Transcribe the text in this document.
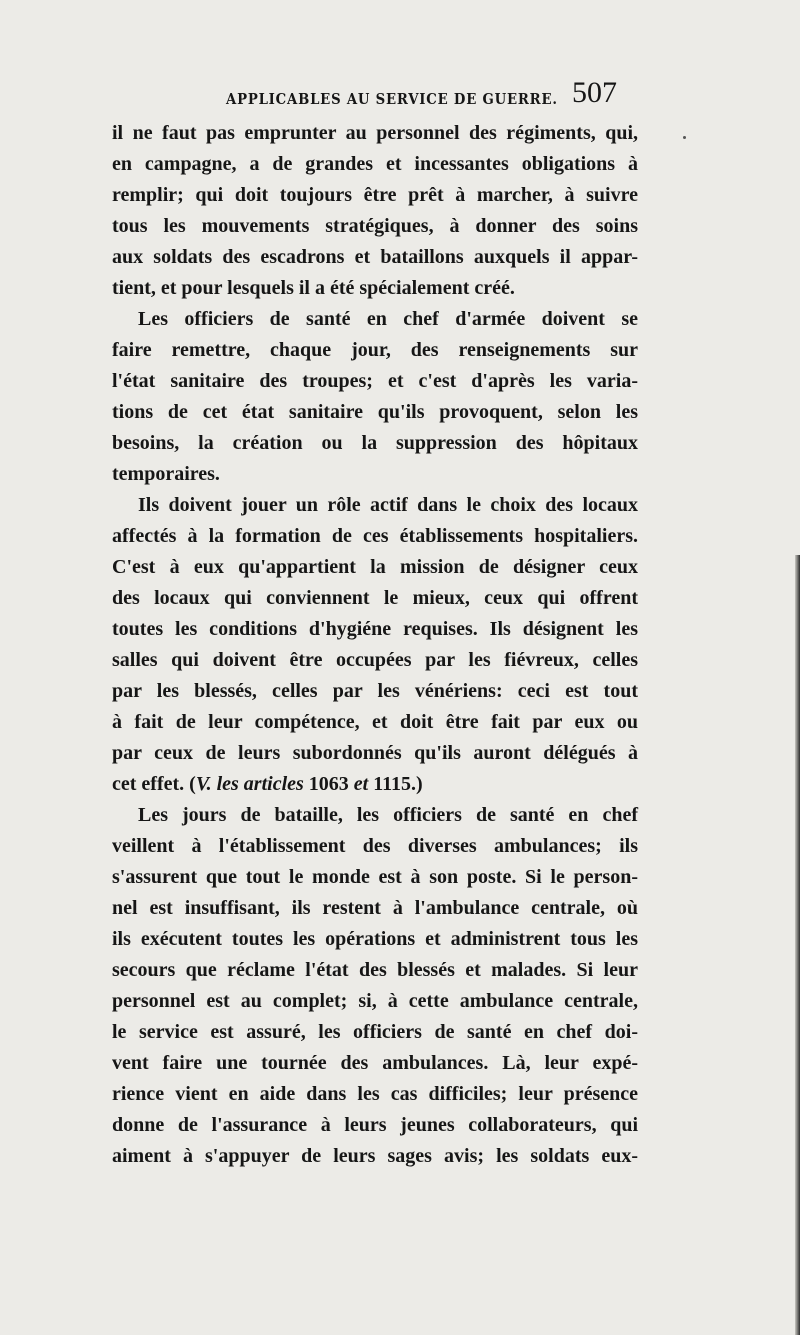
APPLICABLES AU SERVICE DE GUERRE. 507
il ne faut pas emprunter au personnel des régiments, qui,
en campagne, a de grandes et incessantes obligations à
remplir; qui doit toujours être prêt à marcher, à suivre
tous les mouvements stratégiques, à donner des soins
aux soldats des escadrons et bataillons auxquels il appar-
tient, et pour lesquels il a été spécialement créé.
Les officiers de santé en chef d'armée doivent se
faire remettre, chaque jour, des renseignements sur
l'état sanitaire des troupes; et c'est d'après les varia-
tions de cet état sanitaire qu'ils provoquent, selon les
besoins, la création ou la suppression des hôpitaux
temporaires.
Ils doivent jouer un rôle actif dans le choix des locaux
affectés à la formation de ces établissements hospitaliers.
C'est à eux qu'appartient la mission de désigner ceux
des locaux qui conviennent le mieux, ceux qui offrent
toutes les conditions d'hygiéne requises. Ils désignent les
salles qui doivent être occupées par les fiévreux, celles
par les blessés, celles par les vénériens: ceci est tout
à fait de leur compétence, et doit être fait par eux ou
par ceux de leurs subordonnés qu'ils auront délégués à
cet effet. (V. les articles 1063 et 1115.)
Les jours de bataille, les officiers de santé en chef
veillent à l'établissement des diverses ambulances; ils
s'assurent que tout le monde est à son poste. Si le person-
nel est insuffisant, ils restent à l'ambulance centrale, où
ils exécutent toutes les opérations et administrent tous les
secours que réclame l'état des blessés et malades. Si leur
personnel est au complet; si, à cette ambulance centrale,
le service est assuré, les officiers de santé en chef doi-
vent faire une tournée des ambulances. Là, leur expé-
rience vient en aide dans les cas difficiles; leur présence
donne de l'assurance à leurs jeunes collaborateurs, qui
aiment à s'appuyer de leurs sages avis; les soldats eux-
